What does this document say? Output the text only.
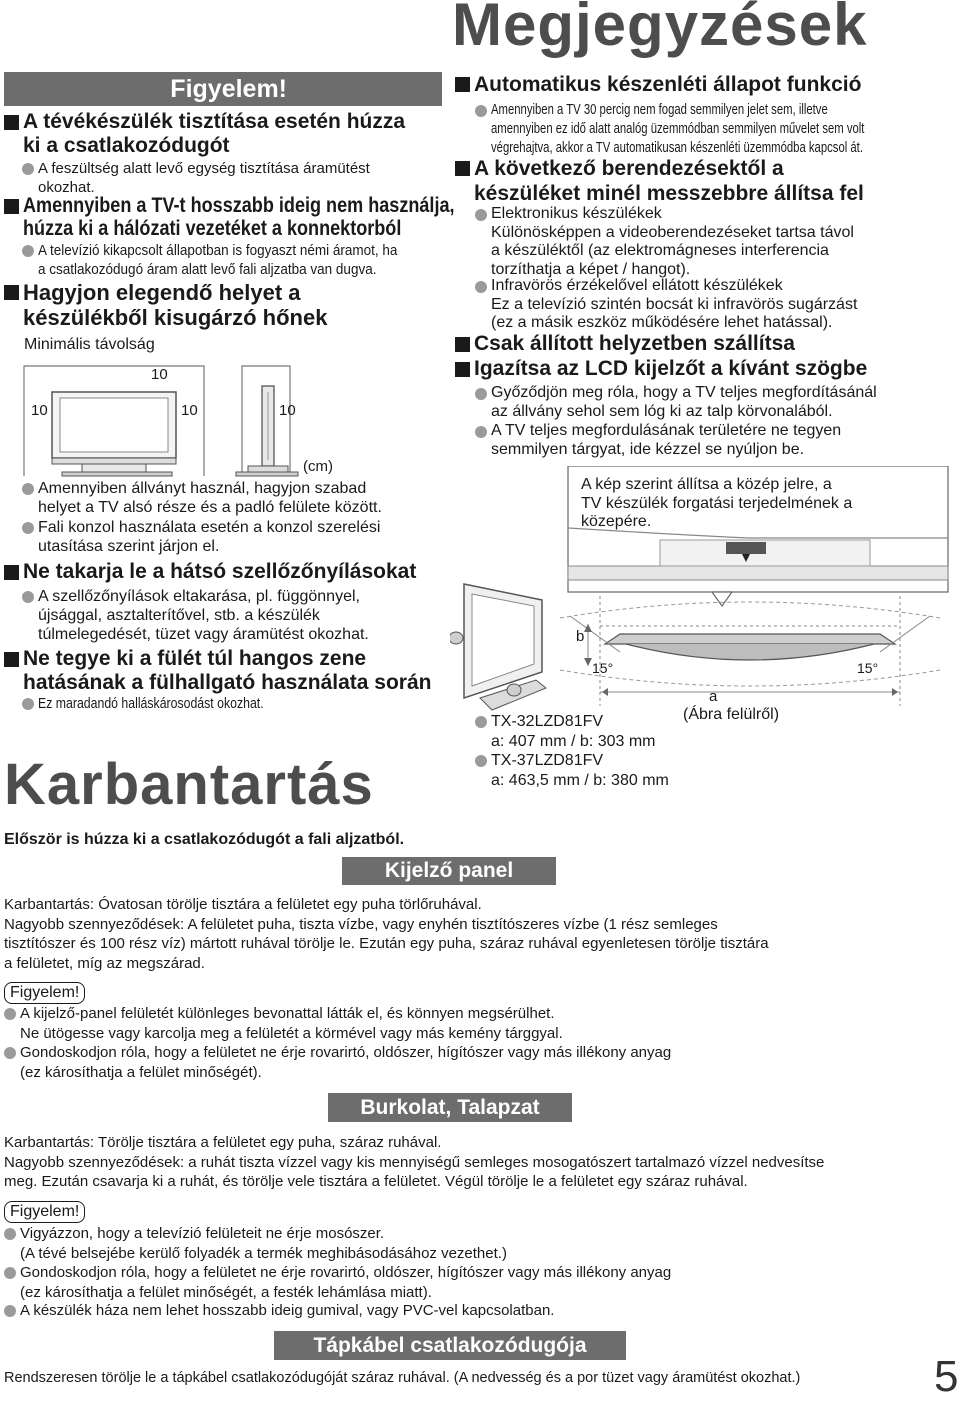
Megjegyzések
Figyelem!
A tévékészülék tisztítása esetén húzza
ki a csatlakozódugót
A feszültség alatt levő egység tisztítása áramütést
okozhat.
Amennyiben a TV-t hosszabb ideig nem használja,
húzza ki a hálózati vezetéket a konnektorból
A televízió kikapcsolt állapotban is fogyaszt némi áramot, ha
a csatlakozódugó áram alatt levő fali aljzatba van dugva.
Hagyjon elegendő helyet a
készülékből kisugárzó hőnek
Minimális távolság
10
10	10	10
(cm)
Amennyiben állványt használ, hagyjon szabad
helyet a TV alsó része és a padló felülete között.
Fali konzol használata esetén a konzol szerelési
utasítása szerint járjon el.
Ne takarja le a hátsó szellőzőnyílásokat
A szellőzőnyílások eltakarása, pl. függönnyel,
újsággal, asztalterítővel, stb. a készülék
túlmelegedését, tüzet vagy áramütést okozhat.
Ne tegye ki a fülét túl hangos zene
hatásának a fülhallgató használata során
Ez maradandó halláskárosodást okozhat.
Automatikus készenléti állapot funkció
Amennyiben a TV 30 percig nem fogad semmilyen jelet sem, illetve
amennyiben ez idő alatt analóg üzemmódban semmilyen művelet sem volt
végrehajtva, akkor a TV automatikusan készenléti üzemmódba kapcsol át.
A következő berendezésektől a
készüléket minél messzebbre állítsa fel
Elektronikus készülékek
Különösképpen a videoberendezéseket tartsa távol
a készüléktől (az elektromágneses interferencia
torzíthatja a képet / hangot).
Infravörös érzékelővel ellátott készülékek
Ez a televízió szintén bocsát ki infravörös sugárzást
(ez a másik eszköz működésére lehet hatással).
Csak állított helyzetben szállítsa
Igazítsa az LCD kijelzőt a kívánt szögbe
Győződjön meg róla, hogy a TV teljes megfordításánál
az állvány sehol sem lóg ki az talp körvonalából.
A TV teljes megfordulásának területére ne tegyen
semmilyen tárgyat, ide kézzel se nyúljon be.
A kép szerint állítsa a közép jelre, a
TV készülék forgatási terjedelmének a
közepére.
b
15°	15°
a
(Ábra felülről)
TX-32LZD81FV
a: 407 mm / b: 303 mm
TX-37LZD81FV
a: 463,5 mm / b: 380 mm
Karbantartás
Először is húzza ki a csatlakozódugót a fali aljzatból.
Kijelző panel
Karbantartás: Óvatosan törölje tisztára a felületet egy puha törlőruhával.
Nagyobb szennyeződések: A felületet puha, tiszta vízbe, vagy enyhén tisztítószeres vízbe (1 rész semleges
tisztítószer és 100 rész víz) mártott ruhával törölje le. Ezután egy puha, száraz ruhával egyenletesen törölje tisztára
a felületet, míg az megszárad.
Figyelem!
A kijelző-panel felületét különleges bevonattal látták el, és könnyen megsérülhet.
Ne ütögesse vagy karcolja meg a felületét a körmével vagy más kemény tárggyal.
Gondoskodjon róla, hogy a felületet ne érje rovarirtó, oldószer, hígítószer vagy más illékony anyag
(ez károsíthatja a felület minőségét).
Burkolat, Talapzat
Karbantartás: Törölje tisztára a felületet egy puha, száraz ruhával.
Nagyobb szennyeződések: a ruhát tiszta vízzel vagy kis mennyiségű semleges mosogatószert tartalmazó vízzel nedvesítse
meg. Ezután csavarja ki a ruhát, és törölje vele tisztára a felületet. Végül törölje le a felületet egy száraz ruhával.
Figyelem!
Vigyázzon, hogy a televízió felületeit ne érje mosószer.
(A tévé belsejébe kerülő folyadék a termék meghibásodásához vezethet.)
Gondoskodjon róla, hogy a felületet ne érje rovarirtó, oldószer, hígítószer vagy más illékony anyag
(ez károsíthatja a felület minőségét, a festék lehámlása miatt).
A készülék háza nem lehet hosszabb ideig gumival, vagy PVC-vel kapcsolatban.
Tápkábel csatlakozódugója
Rendszeresen törölje le a tápkábel csatlakozódugóját száraz ruhával. (A nedvesség és a por tüzet vagy áramütést okozhat.)	5
